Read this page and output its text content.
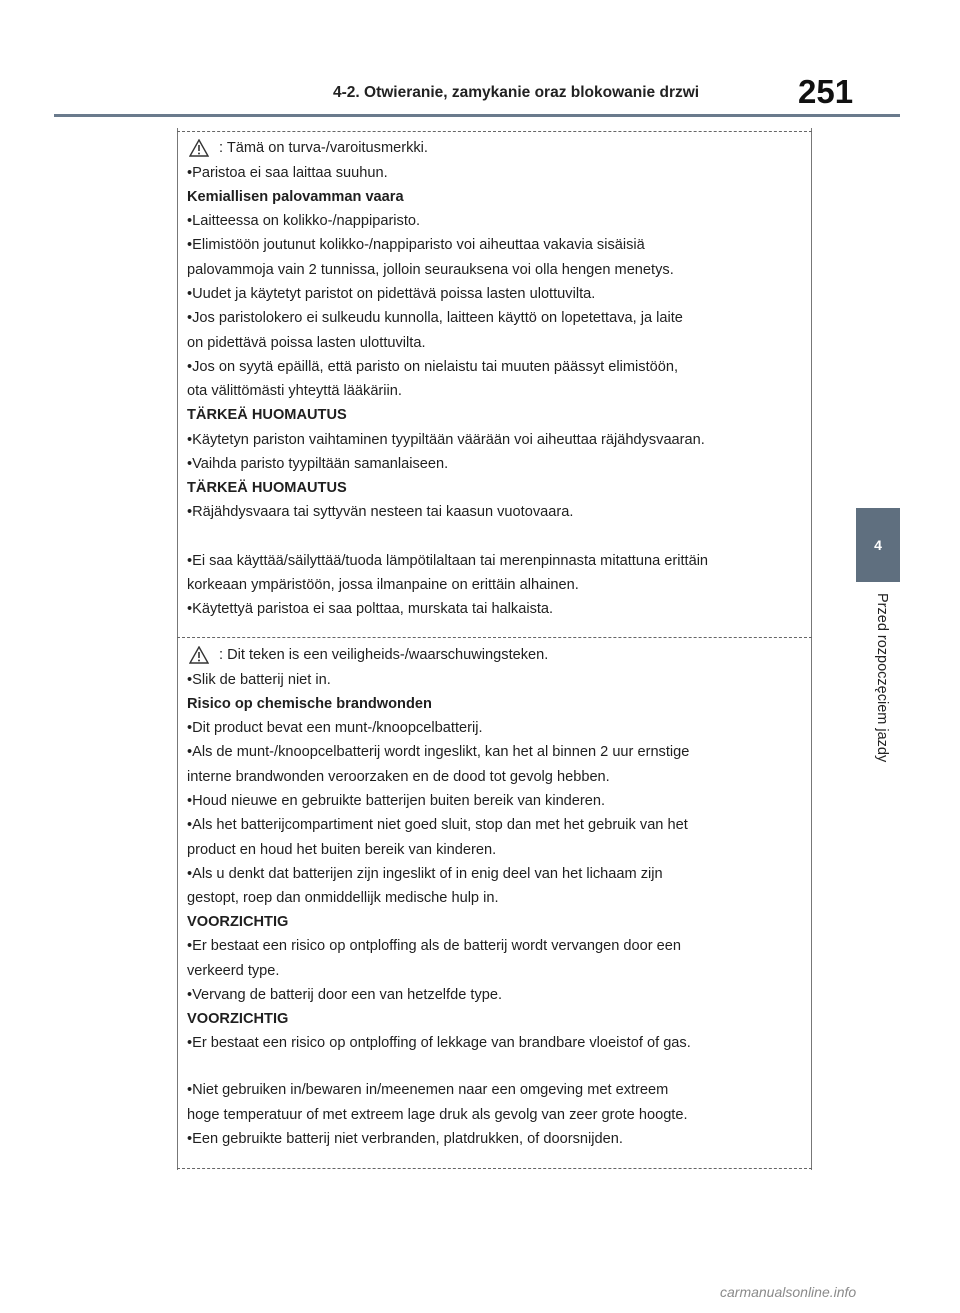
4-2. Otwieranie, zamykanie oraz blokowanie drzwi	251
4
Przed rozpoczęciem jazdy
: Tämä on turva-/varoitusmerkki.
•Paristoa ei saa laittaa suuhun.
Kemiallisen palovamman vaara
•Laitteessa on kolikko-/nappiparisto.
•Elimistöön joutunut kolikko-/nappiparisto voi aiheuttaa vakavia sisäisiä
palovammoja vain 2 tunnissa, jolloin seurauksena voi olla hengen menetys.
•Uudet ja käytetyt paristot on pidettävä poissa lasten ulottuvilta.
•Jos paristolokero ei sulkeudu kunnolla, laitteen käyttö on lopetettava, ja laite
on pidettävä poissa lasten ulottuvilta.
•Jos on syytä epäillä, että paristo on nielaistu tai muuten päässyt elimistöön,
ota välittömästi yhteyttä lääkäriin.
TÄRKEÄ HUOMAUTUS
•Käytetyn pariston vaihtaminen tyypiltään väärään voi aiheuttaa räjähdysvaaran.
•Vaihda paristo tyypiltään samanlaiseen.
TÄRKEÄ HUOMAUTUS
•Räjähdysvaara tai syttyvän nesteen tai kaasun vuotovaara.
•Ei saa käyttää/säilyttää/tuoda lämpötilaltaan tai merenpinnasta mitattuna erittäin
korkeaan ympäristöön, jossa ilmanpaine on erittäin alhainen.
•Käytettyä paristoa ei saa polttaa, murskata tai halkaista.
: Dit teken is een veiligheids-/waarschuwingsteken.
•Slik de batterij niet in.
Risico op chemische brandwonden
•Dit product bevat een munt-/knoopcelbatterij.
•Als de munt-/knoopcelbatterij wordt ingeslikt, kan het al binnen 2 uur ernstige
interne brandwonden veroorzaken en de dood tot gevolg hebben.
•Houd nieuwe en gebruikte batterijen buiten bereik van kinderen.
•Als het batterijcompartiment niet goed sluit, stop dan met het gebruik van het
product en houd het buiten bereik van kinderen.
•Als u denkt dat batterijen zijn ingeslikt of in enig deel van het lichaam zijn
gestopt, roep dan onmiddellijk medische hulp in.
VOORZICHTIG
•Er bestaat een risico op ontploffing als de batterij wordt vervangen door een
verkeerd type.
•Vervang de batterij door een van hetzelfde type.
VOORZICHTIG
•Er bestaat een risico op ontploffing of lekkage van brandbare vloeistof of gas.
•Niet gebruiken in/bewaren in/meenemen naar een omgeving met extreem
hoge temperatuur of met extreem lage druk als gevolg van zeer grote hoogte.
•Een gebruikte batterij niet verbranden, platdrukken, of doorsnijden.
carmanualsonline.info
